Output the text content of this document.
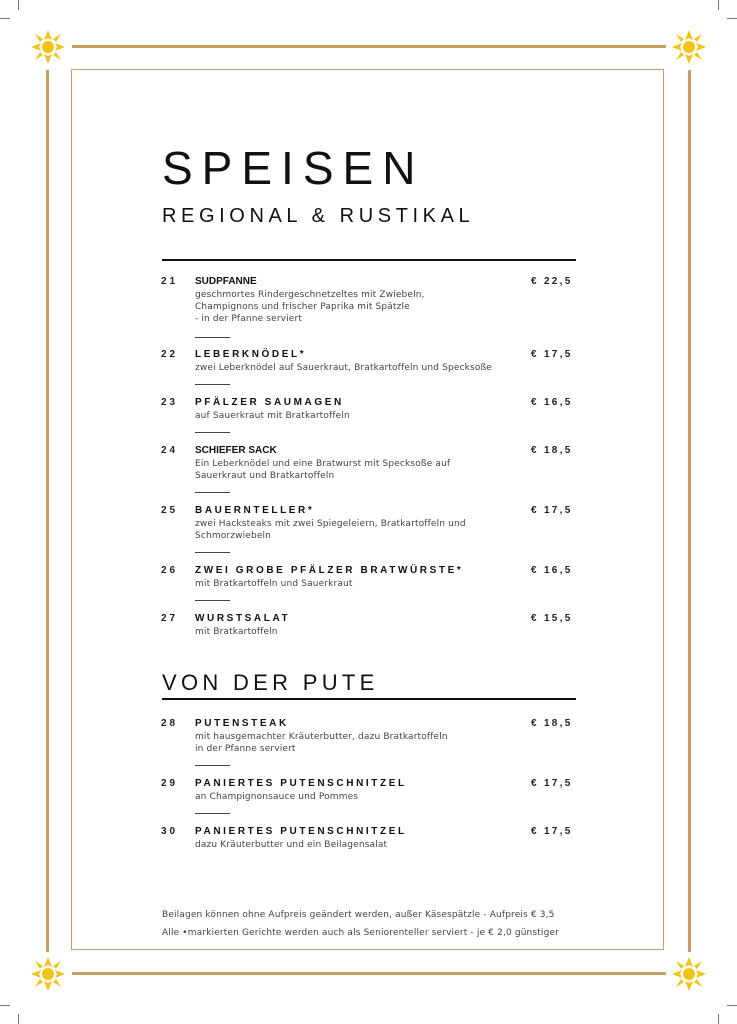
SPEISEN
REGIONAL & RUSTIKAL
21 SUDPFANNE	€ 22,5
geschmortes Rindergeschnetzeltes mit Zwiebeln,
Champignons und frischer Paprika mit Spätzle
- in der Pfanne serviert
22 LEBERKNÖDEL*	€ 17,5
zwei Leberknödel auf Sauerkraut, Bratkartoffeln und Specksoße
23 PFÄLZER SAUMAGEN	€ 16,5
auf Sauerkraut mit Bratkartoffeln
24 SCHIEFER SACK	€ 18,5
Ein Leberknödel und eine Bratwurst mit Specksoße auf
Sauerkraut und Bratkartoffeln
25 BAUERNTELLER*	€ 17,5
zwei Hacksteaks mit zwei Spiegeleiern, Bratkartoffeln und
Schmorzwiebeln
26 ZWEI GROBE PFÄLZER BRATWÜRSTE*	€ 16,5
mit Bratkartoffeln und Sauerkraut
27 WURSTSALAT	€ 15,5
mit Bratkartoffeln
VON DER PUTE
28 PUTENSTEAK	€ 18,5
mit hausgemachter Kräuterbutter, dazu Bratkartoffeln
in der Pfanne serviert
29 PANIERTES PUTENSCHNITZEL	€ 17,5
an Champignonsauce und Pommes
30 PANIERTES PUTENSCHNITZEL	€ 17,5
dazu Kräuterbutter und ein Beilagensalat
Beilagen können ohne Aufpreis geändert werden, außer Käsespätzle - Aufpreis € 3,5
Alle •markierten Gerichte werden auch als Seniorenteller serviert - je € 2,0 günstiger
